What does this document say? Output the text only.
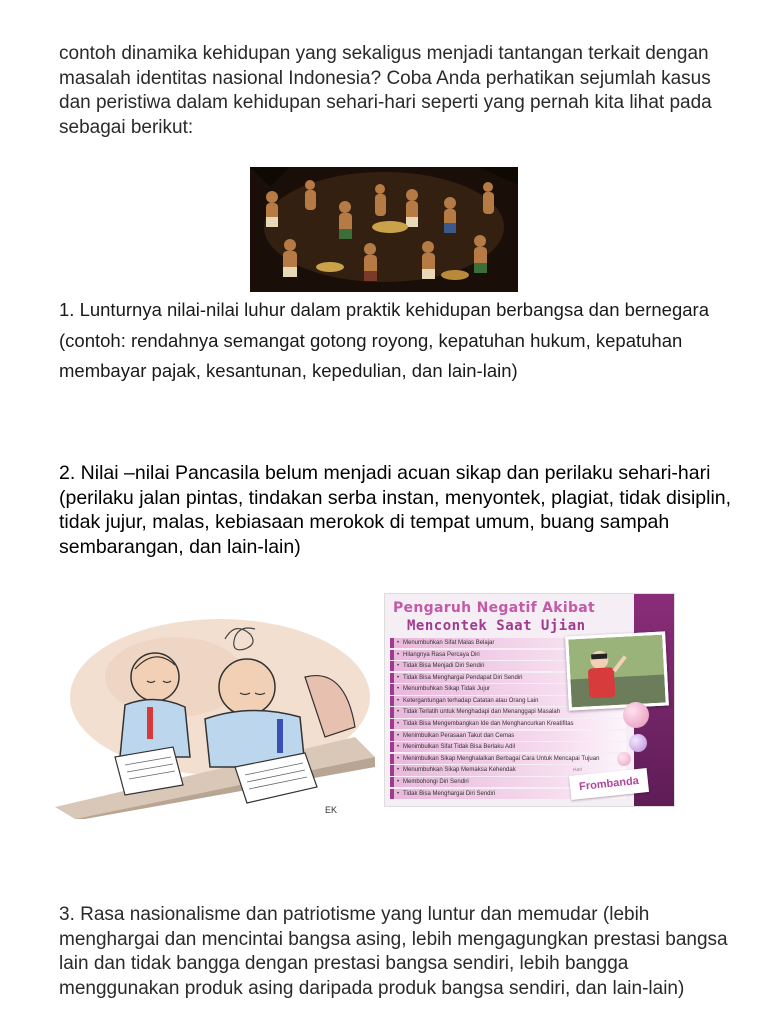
contoh dinamika kehidupan yang sekaligus menjadi tantangan terkait dengan masalah identitas nasional Indonesia? Coba Anda perhatikan sejumlah kasus dan peristiwa dalam kehidupan sehari-hari seperti yang pernah kita lihat pada sebagai berikut:

1. Lunturnya nilai-nilai luhur dalam praktik kehidupan berbangsa dan bernegara (contoh: rendahnya semangat gotong royong, kepatuhan hukum, kepatuhan membayar pajak, kesantunan, kepedulian, dan lain-lain)

2. Nilai –nilai Pancasila belum menjadi acuan sikap dan perilaku sehari-hari (perilaku jalan pintas, tindakan serba instan, menyontek, plagiat, tidak disiplin, tidak jujur, malas, kebiasaan merokok di tempat umum, buang sampah sembarangan, dan lain-lain)

EK
Pengaruh Negatif Akibat
Mencontek Saat Ujian
• Menumbuhkan Sifat Malas Belajar
• Hilangnya Rasa Percaya Diri
• Tidak Bisa Menjadi Diri Sendiri
• Tidak Bisa Menghargai Pendapat Diri Sendiri
• Menumbuhkan Sikap Tidak Jujur
• Ketergantungan terhadap Catatan atau Orang Lain
• Tidak Terlatih untuk Menghadapi dan Menanggapi Masalah
• Tidak Bisa Mengembangkan Ide dan Menghancurkan Kreatifitas
• Menimbulkan Perasaan Takut dan Cemas
• Menimbulkan Sifat Tidak Bisa Berlaku Adil
• Menimbulkan Sikap Menghalalkan Berbagai Cara Untuk Mencapai Tujuan
• Menumbuhkan Sikap Memaksa Kehendak
• Membohongi Diri Sendiri
• Tidak Bisa Menghargai Diri Sendiri
Hari
Frombanda

3. Rasa nasionalisme dan patriotisme yang luntur dan memudar (lebih menghargai dan mencintai bangsa asing, lebih mengagungkan prestasi bangsa lain dan tidak bangga dengan prestasi bangsa sendiri, lebih bangga menggunakan produk asing daripada produk bangsa sendiri, dan lain-lain)
